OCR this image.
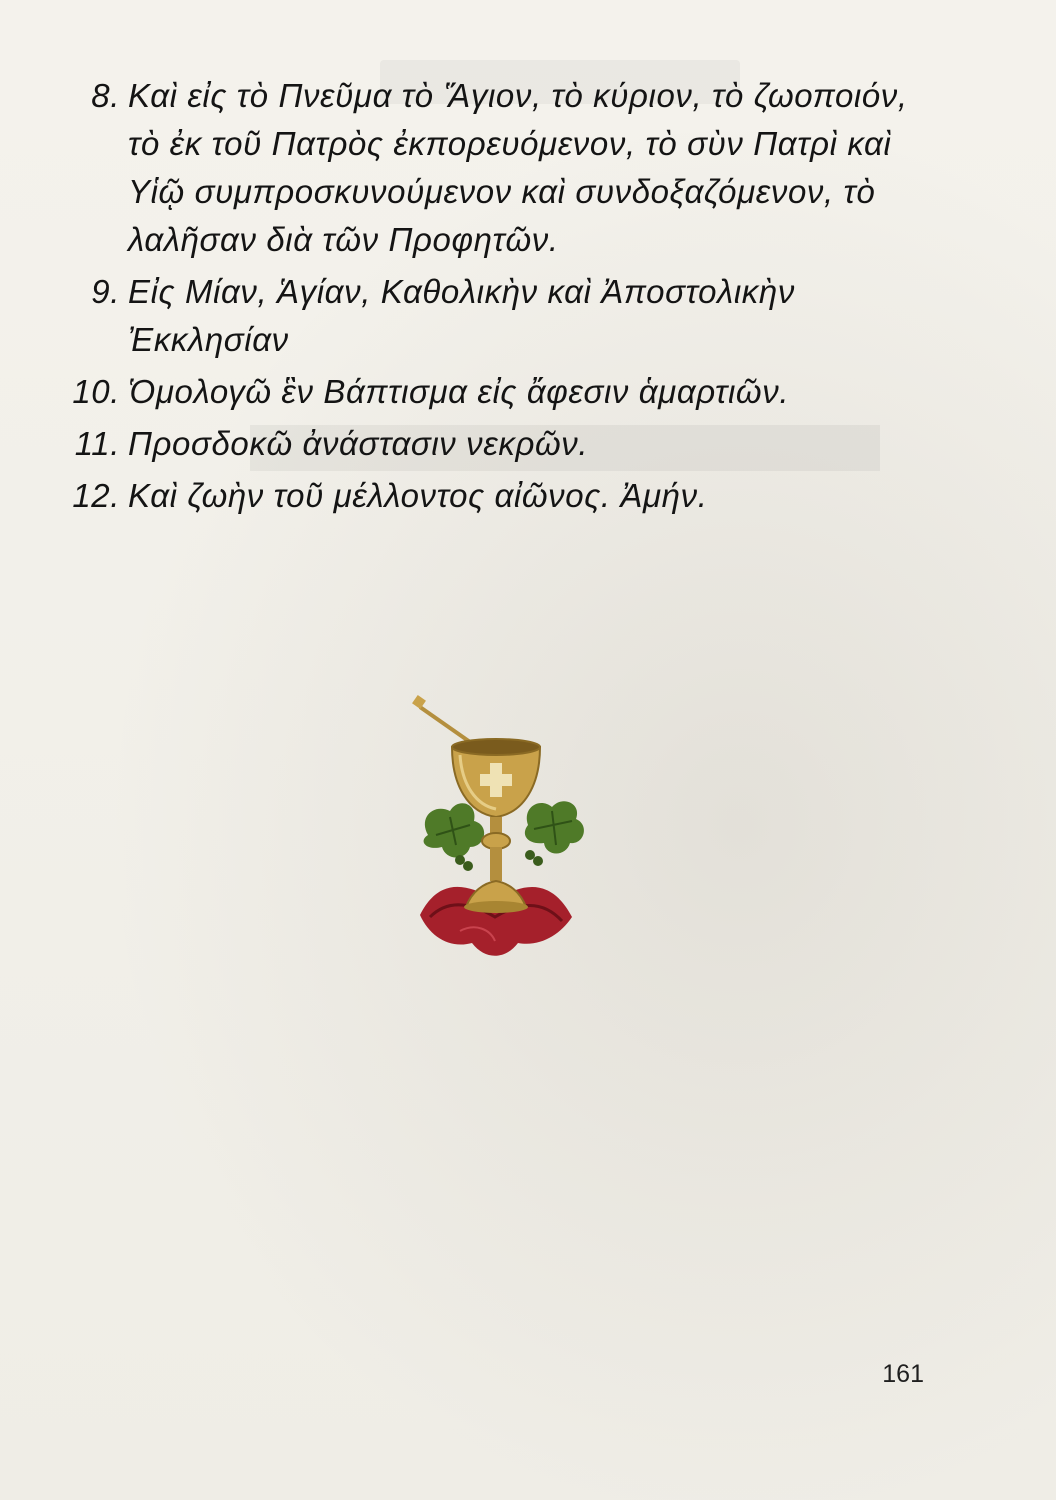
8. Καὶ εἰς τὸ Πνεῦμα τὸ Ἅγιον, τὸ κύριον, τὸ ζωοποιόν, τὸ ἐκ τοῦ Πατρὸς ἐκπορευόμενον, τὸ σὺν Πατρὶ καὶ Υἱῷ συμπροσκυνούμενον καὶ συνδοξαζόμενον, τὸ λαλῆσαν διὰ τῶν Προφητῶν.
9. Εἰς Μίαν, Ἁγίαν, Καθολικὴν καὶ Ἀποστολικὴν Ἐκκλησίαν
10. Ὁμολογῶ ἓν Βάπτισμα εἰς ἄφεσιν ἁμαρτιῶν.
11. Προσδοκῶ ἀνάστασιν νεκρῶν.
12. Καὶ ζωὴν τοῦ μέλλοντος αἰῶνος. Ἀμήν.
161
